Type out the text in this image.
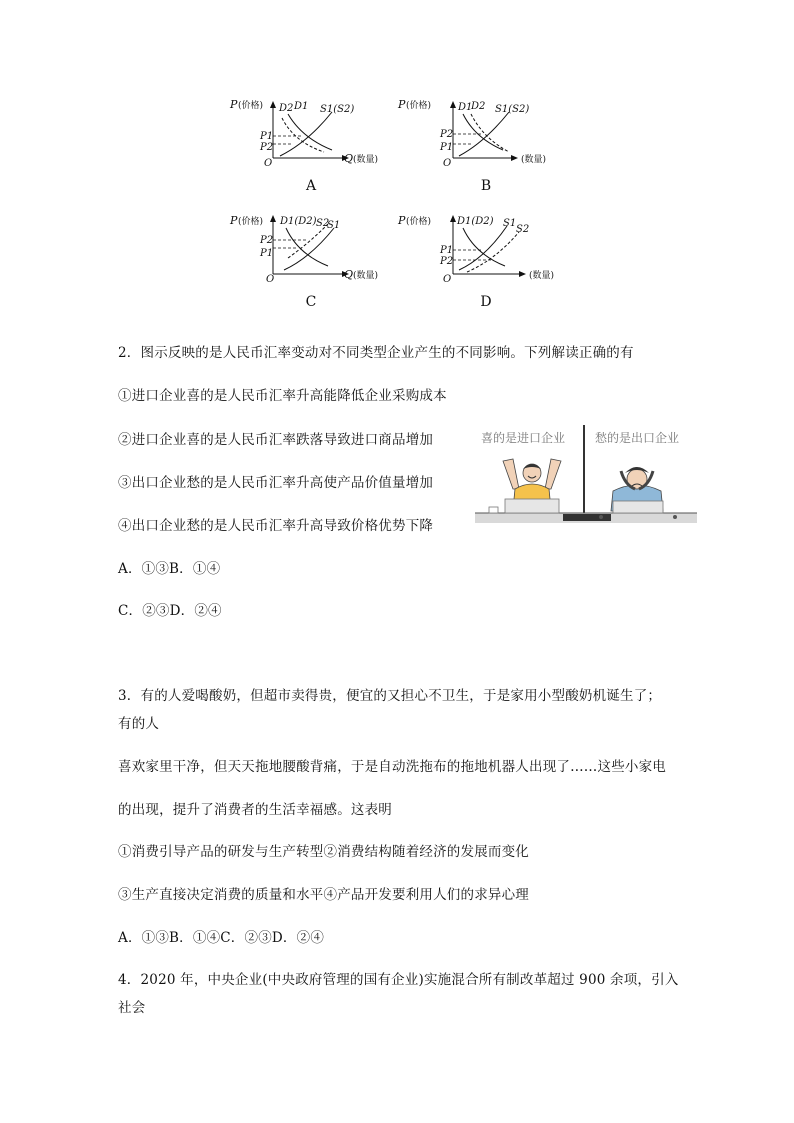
P (价格) D2 D1 S1(S2)
P1
P2
O	Q (数量)
A
P (价格)	D1
D2 S1(S2)
P2
P1
O	(数量)
B
P (价格) D1(D2) S2
S1
P2
P1
O	Q (数量)
C
P (价格)	D1(D2) S1
S2
P1
P2
O	(数量)
D
2．图示反映的是人民币汇率变动对不同类型企业产生的不同影响。下列解读正确的有
①进口企业喜的是人民币汇率升高能降低企业采购成本
②进口企业喜的是人民币汇率跌落导致进口商品增加
③出口企业愁的是人民币汇率升高使产品价值量增加
④出口企业愁的是人民币汇率升高导致价格优势下降
A．①③B．①④
C．②③D．②④
喜的是进口企业 愁的是出口企业
3．有的人爱喝酸奶，但超市卖得贵，便宜的又担心不卫生，于是家用小型酸奶机诞生了；
有的人
喜欢家里干净，但天天拖地腰酸背痛，于是自动洗拖布的拖地机器人出现了……这些小家电
的出现，提升了消费者的生活幸福感。这表明
①消费引导产品的研发与生产转型②消费结构随着经济的发展而变化
③生产直接决定消费的质量和水平④产品开发要利用人们的求异心理
A．①③B．①④C．②③D．②④
4．2020 年，中央企业(中央政府管理的国有企业)实施混合所有制改革超过 900 余项，引入
社会
